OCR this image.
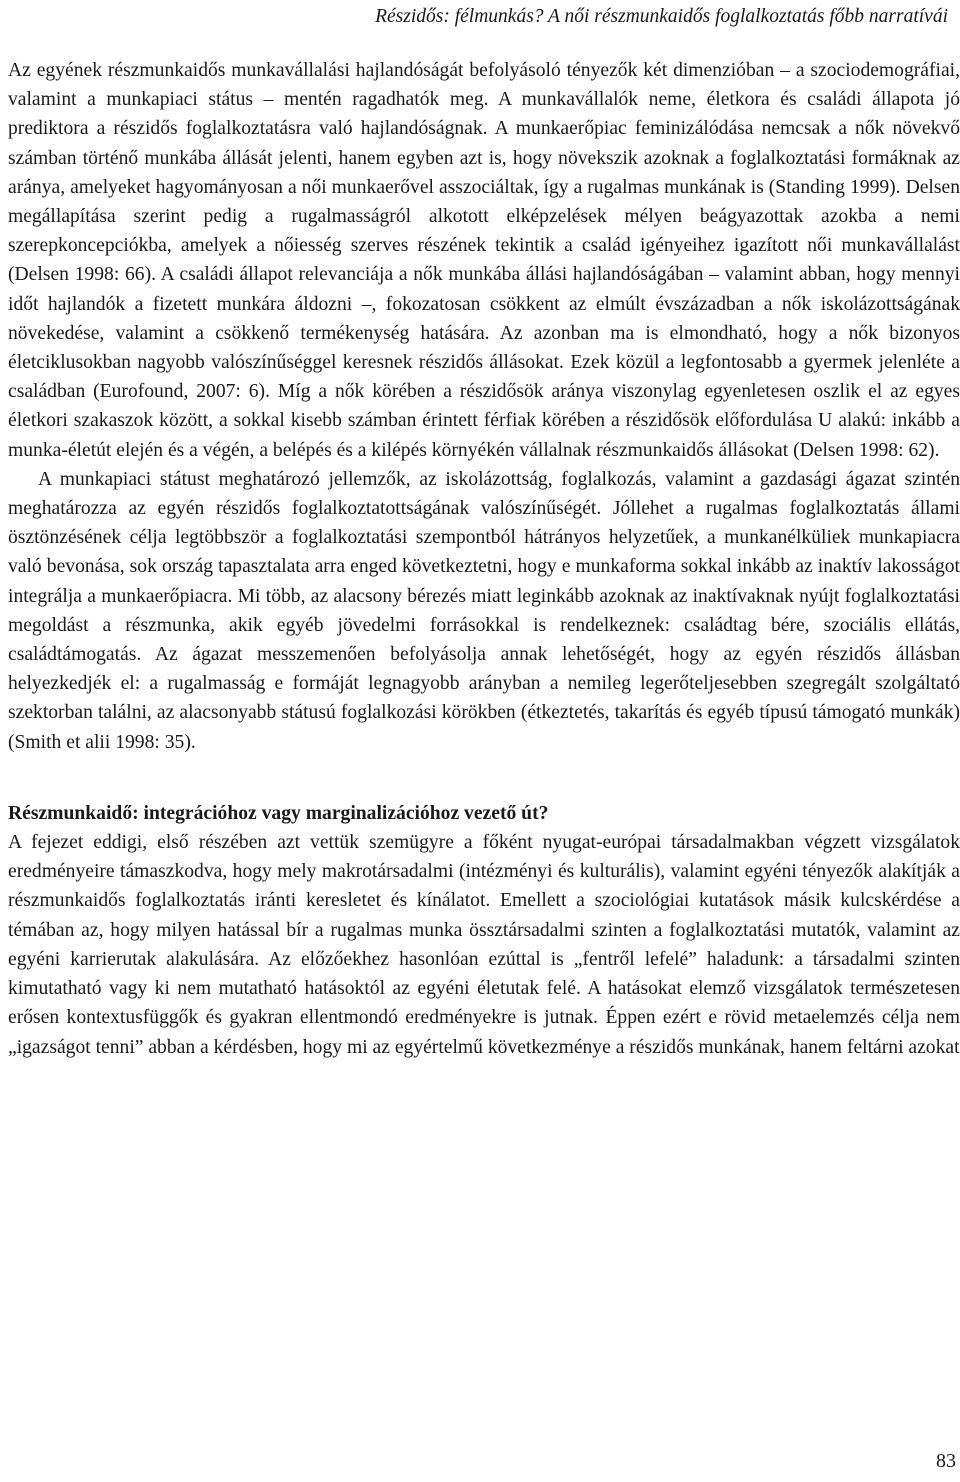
Részidős: félmunkás? A női részmunkaidős foglalkoztatás főbb narratívái

Az egyének részmunkaidős munkavállalási hajlandóságát befolyásoló tényezők két dimenzióban – a szociodemográfiai, valamint a munkapiaci státus – mentén ragadhatók meg. A munkavállalók neme, életkora és családi állapota jó prediktora a részidős foglalkoztatásra való hajlandóságnak. A munkaerőpiac feminizálódása nemcsak a nők növekvő számban történő munkába állását jelenti, hanem egyben azt is, hogy növekszik azoknak a foglalkoztatási formáknak az aránya, amelyeket hagyományosan a női munkaerővel asszociáltak, így a rugalmas munkának is (Standing 1999). Delsen megállapítása szerint pedig a rugalmasságról alkotott elképzelések mélyen beágyazottak azokba a nemi szerepkoncepciókba, amelyek a nőiesség szerves részének tekintik a család igényeihez igazított női munkavállalást (Delsen 1998: 66). A családi állapot relevanciája a nők munkába állási hajlandóságában – valamint abban, hogy mennyi időt hajlandók a fizetett munkára áldozni –, fokozatosan csökkent az elmúlt évszázadban a nők iskolázottságának növekedése, valamint a csökkenő termékenység hatására. Az azonban ma is elmondható, hogy a nők bizonyos életciklusokban nagyobb valószínűséggel keresnek részidős állásokat. Ezek közül a legfontosabb a gyermek jelenléte a családban (Eurofound, 2007: 6). Míg a nők körében a részidősök aránya viszonylag egyenletesen oszlik el az egyes életkori szakaszok között, a sokkal kisebb számban érintett férfiak körében a részidősök előfordulása U alakú: inkább a munka-életút elején és a végén, a belépés és a kilépés környékén vállalnak részmunkaidős állásokat (Delsen 1998: 62).

A munkapiaci státust meghatározó jellemzők, az iskolázottság, foglalkozás, valamint a gazdasági ágazat szintén meghatározza az egyén részidős foglalkoztatottságának valószínűségét. Jóllehet a rugalmas foglalkoztatás állami ösztönzésének célja legtöbbször a foglalkoztatási szempontból hátrányos helyzetűek, a munkanélküliek munkapiacra való bevonása, sok ország tapasztalata arra enged következtetni, hogy e munkaforma sokkal inkább az inaktív lakosságot integrálja a munkaerőpiacra. Mi több, az alacsony bérezés miatt leginkább azoknak az inaktívaknak nyújt foglalkoztatási megoldást a részmunka, akik egyéb jövedelmi forrásokkal is rendelkeznek: családtag bére, szociális ellátás, családtámogatás. Az ágazat messzemenően befolyásolja annak lehetőségét, hogy az egyén részidős állásban helyezkedjék el: a rugalmasság e formáját legnagyobb arányban a nemileg legerőteljesebben szegregált szolgáltató szektorban találni, az alacsonyabb státusú foglalkozási körökben (étkeztetés, takarítás és egyéb típusú támogató munkák) (Smith et alii 1998: 35).

Részmunkaidő: integrációhoz vagy marginalizációhoz vezető út?

A fejezet eddigi, első részében azt vettük szemügyre a főként nyugat-európai társadalmakban végzett vizsgálatok eredményeire támaszkodva, hogy mely makrotársadalmi (intézményi és kulturális), valamint egyéni tényezők alakítják a részmunkaidős foglalkoztatás iránti keresletet és kínálatot. Emellett a szociológiai kutatások másik kulcskérdése a témában az, hogy milyen hatással bír a rugalmas munka össztársadalmi szinten a foglalkoztatási mutatók, valamint az egyéni karrierutak alakulására. Az előzőekhez hasonlóan ezúttal is „fentről lefelé” haladunk: a társadalmi szinten kimutatható vagy ki nem mutatható hatásoktól az egyéni életutak felé. A hatásokat elemző vizsgálatok természetesen erősen kontextusfüggők és gyakran ellentmondó eredményekre is jutnak. Éppen ezért e rövid metaelemzés célja nem „igazságot tenni” abban a kérdésben, hogy mi az egyértelmű következménye a részidős munkának, hanem feltárni azokat

83
